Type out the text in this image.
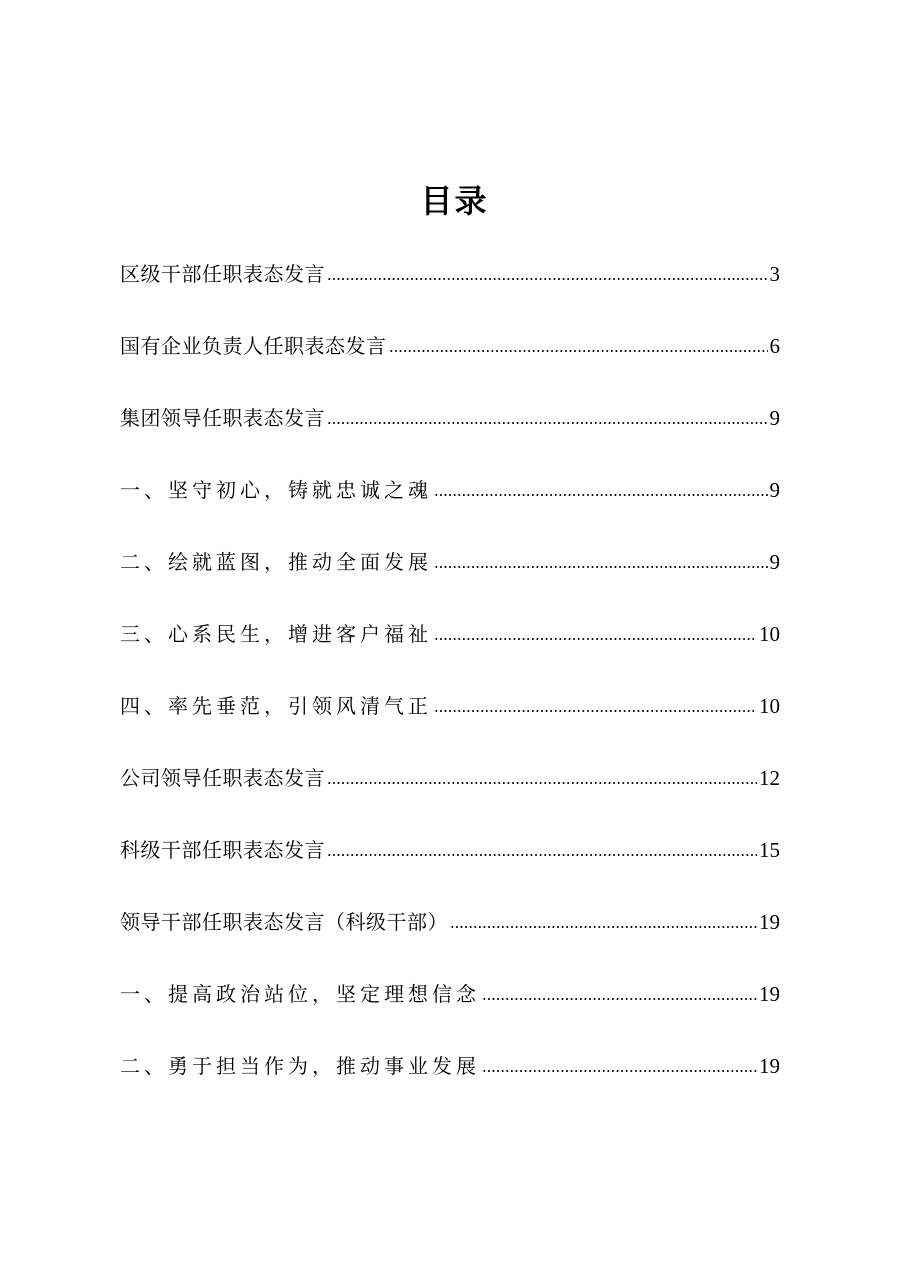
目录
区级干部任职表态发言	3
国有企业负责人任职表态发言	6
集团领导任职表态发言	9
一、坚守初心，铸就忠诚之魂	9
二、绘就蓝图，推动全面发展	9
三、心系民生，增进客户福祉	10
四、率先垂范，引领风清气正	10
公司领导任职表态发言	12
科级干部任职表态发言	15
领导干部任职表态发言（科级干部）	19
一、提高政治站位，坚定理想信念	19
二、勇于担当作为，推动事业发展	19
